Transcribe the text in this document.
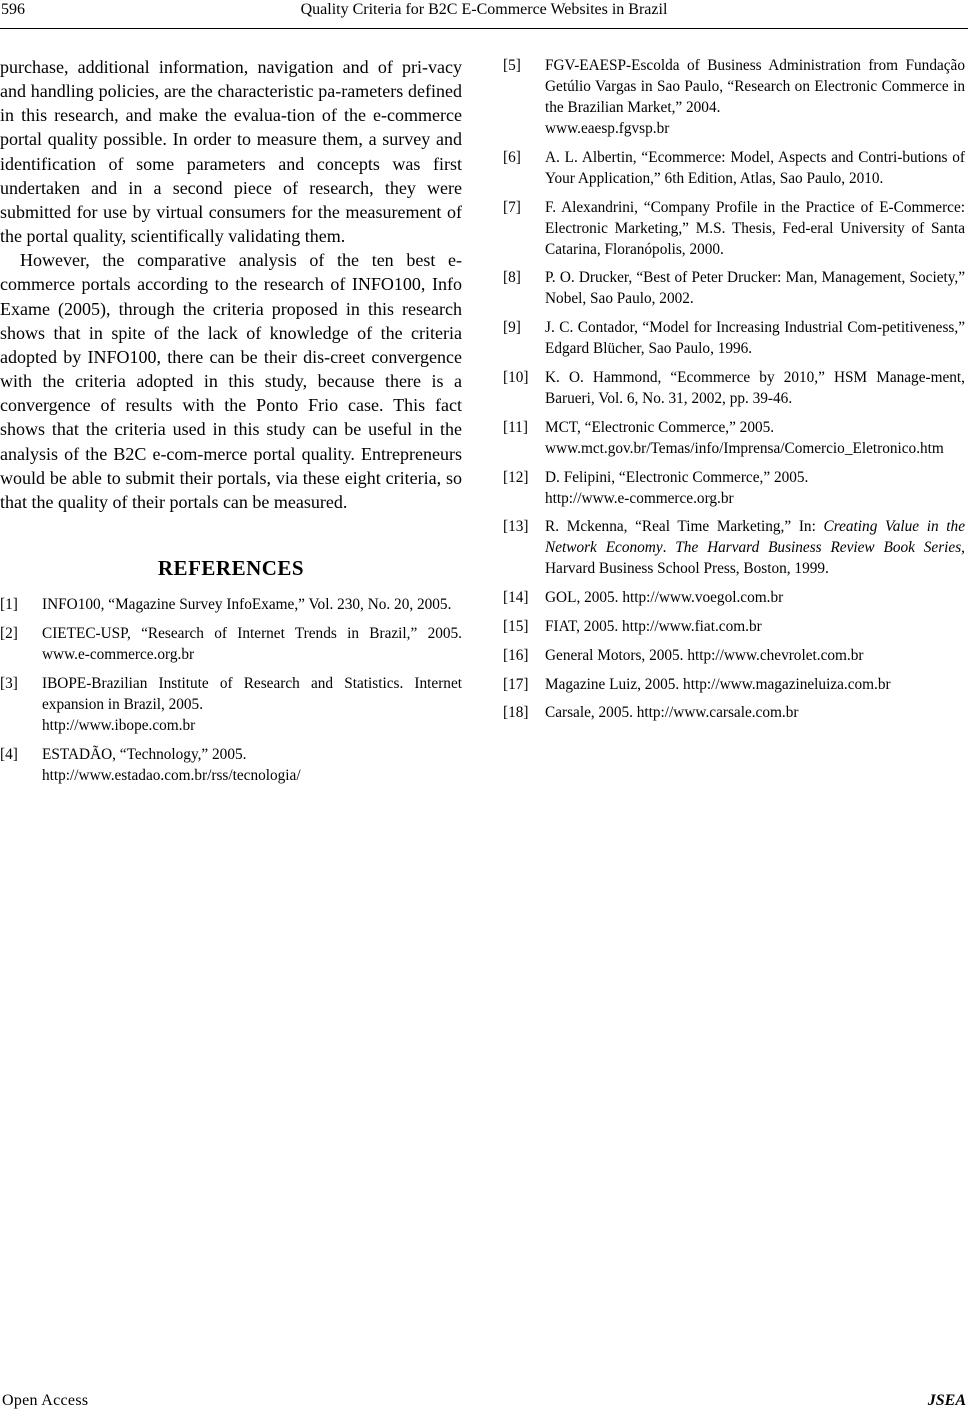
596	Quality Criteria for B2C E-Commerce Websites in Brazil

purchase, additional information, navigation and of pri-vacy and handling policies, are the characteristic pa-rameters defined in this research, and make the evalua-tion of the e-commerce portal quality possible. In order to measure them, a survey and identification of some parameters and concepts was first undertaken and in a second piece of research, they were submitted for use by virtual consumers for the measurement of the portal quality, scientifically validating them.

However, the comparative analysis of the ten best e-commerce portals according to the research of INFO100, Info Exame (2005), through the criteria proposed in this research shows that in spite of the lack of knowledge of the criteria adopted by INFO100, there can be their dis-creet convergence with the criteria adopted in this study, because there is a convergence of results with the Ponto Frio case. This fact shows that the criteria used in this study can be useful in the analysis of the B2C e-com-merce portal quality. Entrepreneurs would be able to submit their portals, via these eight criteria, so that the quality of their portals can be measured.

REFERENCES
[1] INFO100, “Magazine Survey InfoExame,” Vol. 230, No. 20, 2005.
[2] CIETEC-USP, “Research of Internet Trends in Brazil,” 2005. www.e-commerce.org.br
[3] IBOPE-Brazilian Institute of Research and Statistics. Internet expansion in Brazil, 2005.
http://www.ibope.com.br
[4] ESTADÃO, “Technology,” 2005.
http://www.estadao.com.br/rss/tecnologia/
[5] FGV-EAESP-Escolda of Business Administration from Fundação Getúlio Vargas in Sao Paulo, “Research on Electronic Commerce in the Brazilian Market,” 2004.
www.eaesp.fgvsp.br
[6] A. L. Albertin, “Ecommerce: Model, Aspects and Contri-butions of Your Application,” 6th Edition, Atlas, Sao Paulo, 2010.
[7] F. Alexandrini, “Company Profile in the Practice of E-Commerce: Electronic Marketing,” M.S. Thesis, Fed-eral University of Santa Catarina, Floranópolis, 2000.
[8] P. O. Drucker, “Best of Peter Drucker: Man, Management, Society,” Nobel, Sao Paulo, 2002.
[9] J. C. Contador, “Model for Increasing Industrial Com-petitiveness,” Edgard Blücher, Sao Paulo, 1996.
[10] K. O. Hammond, “Ecommerce by 2010,” HSM Manage-ment, Barueri, Vol. 6, No. 31, 2002, pp. 39-46.
[11] MCT, “Electronic Commerce,” 2005.
www.mct.gov.br/Temas/info/Imprensa/Comercio_Eletronico.htm
[12] D. Felipini, “Electronic Commerce,” 2005.
http://www.e-commerce.org.br
[13] R. Mckenna, “Real Time Marketing,” In: Creating Value in the Network Economy. The Harvard Business Review Book Series, Harvard Business School Press, Boston, 1999.
[14] GOL, 2005. http://www.voegol.com.br
[15] FIAT, 2005. http://www.fiat.com.br
[16] General Motors, 2005. http://www.chevrolet.com.br
[17] Magazine Luiz, 2005. http://www.magazineluiza.com.br
[18] Carsale, 2005. http://www.carsale.com.br
Open Access	JSEA
